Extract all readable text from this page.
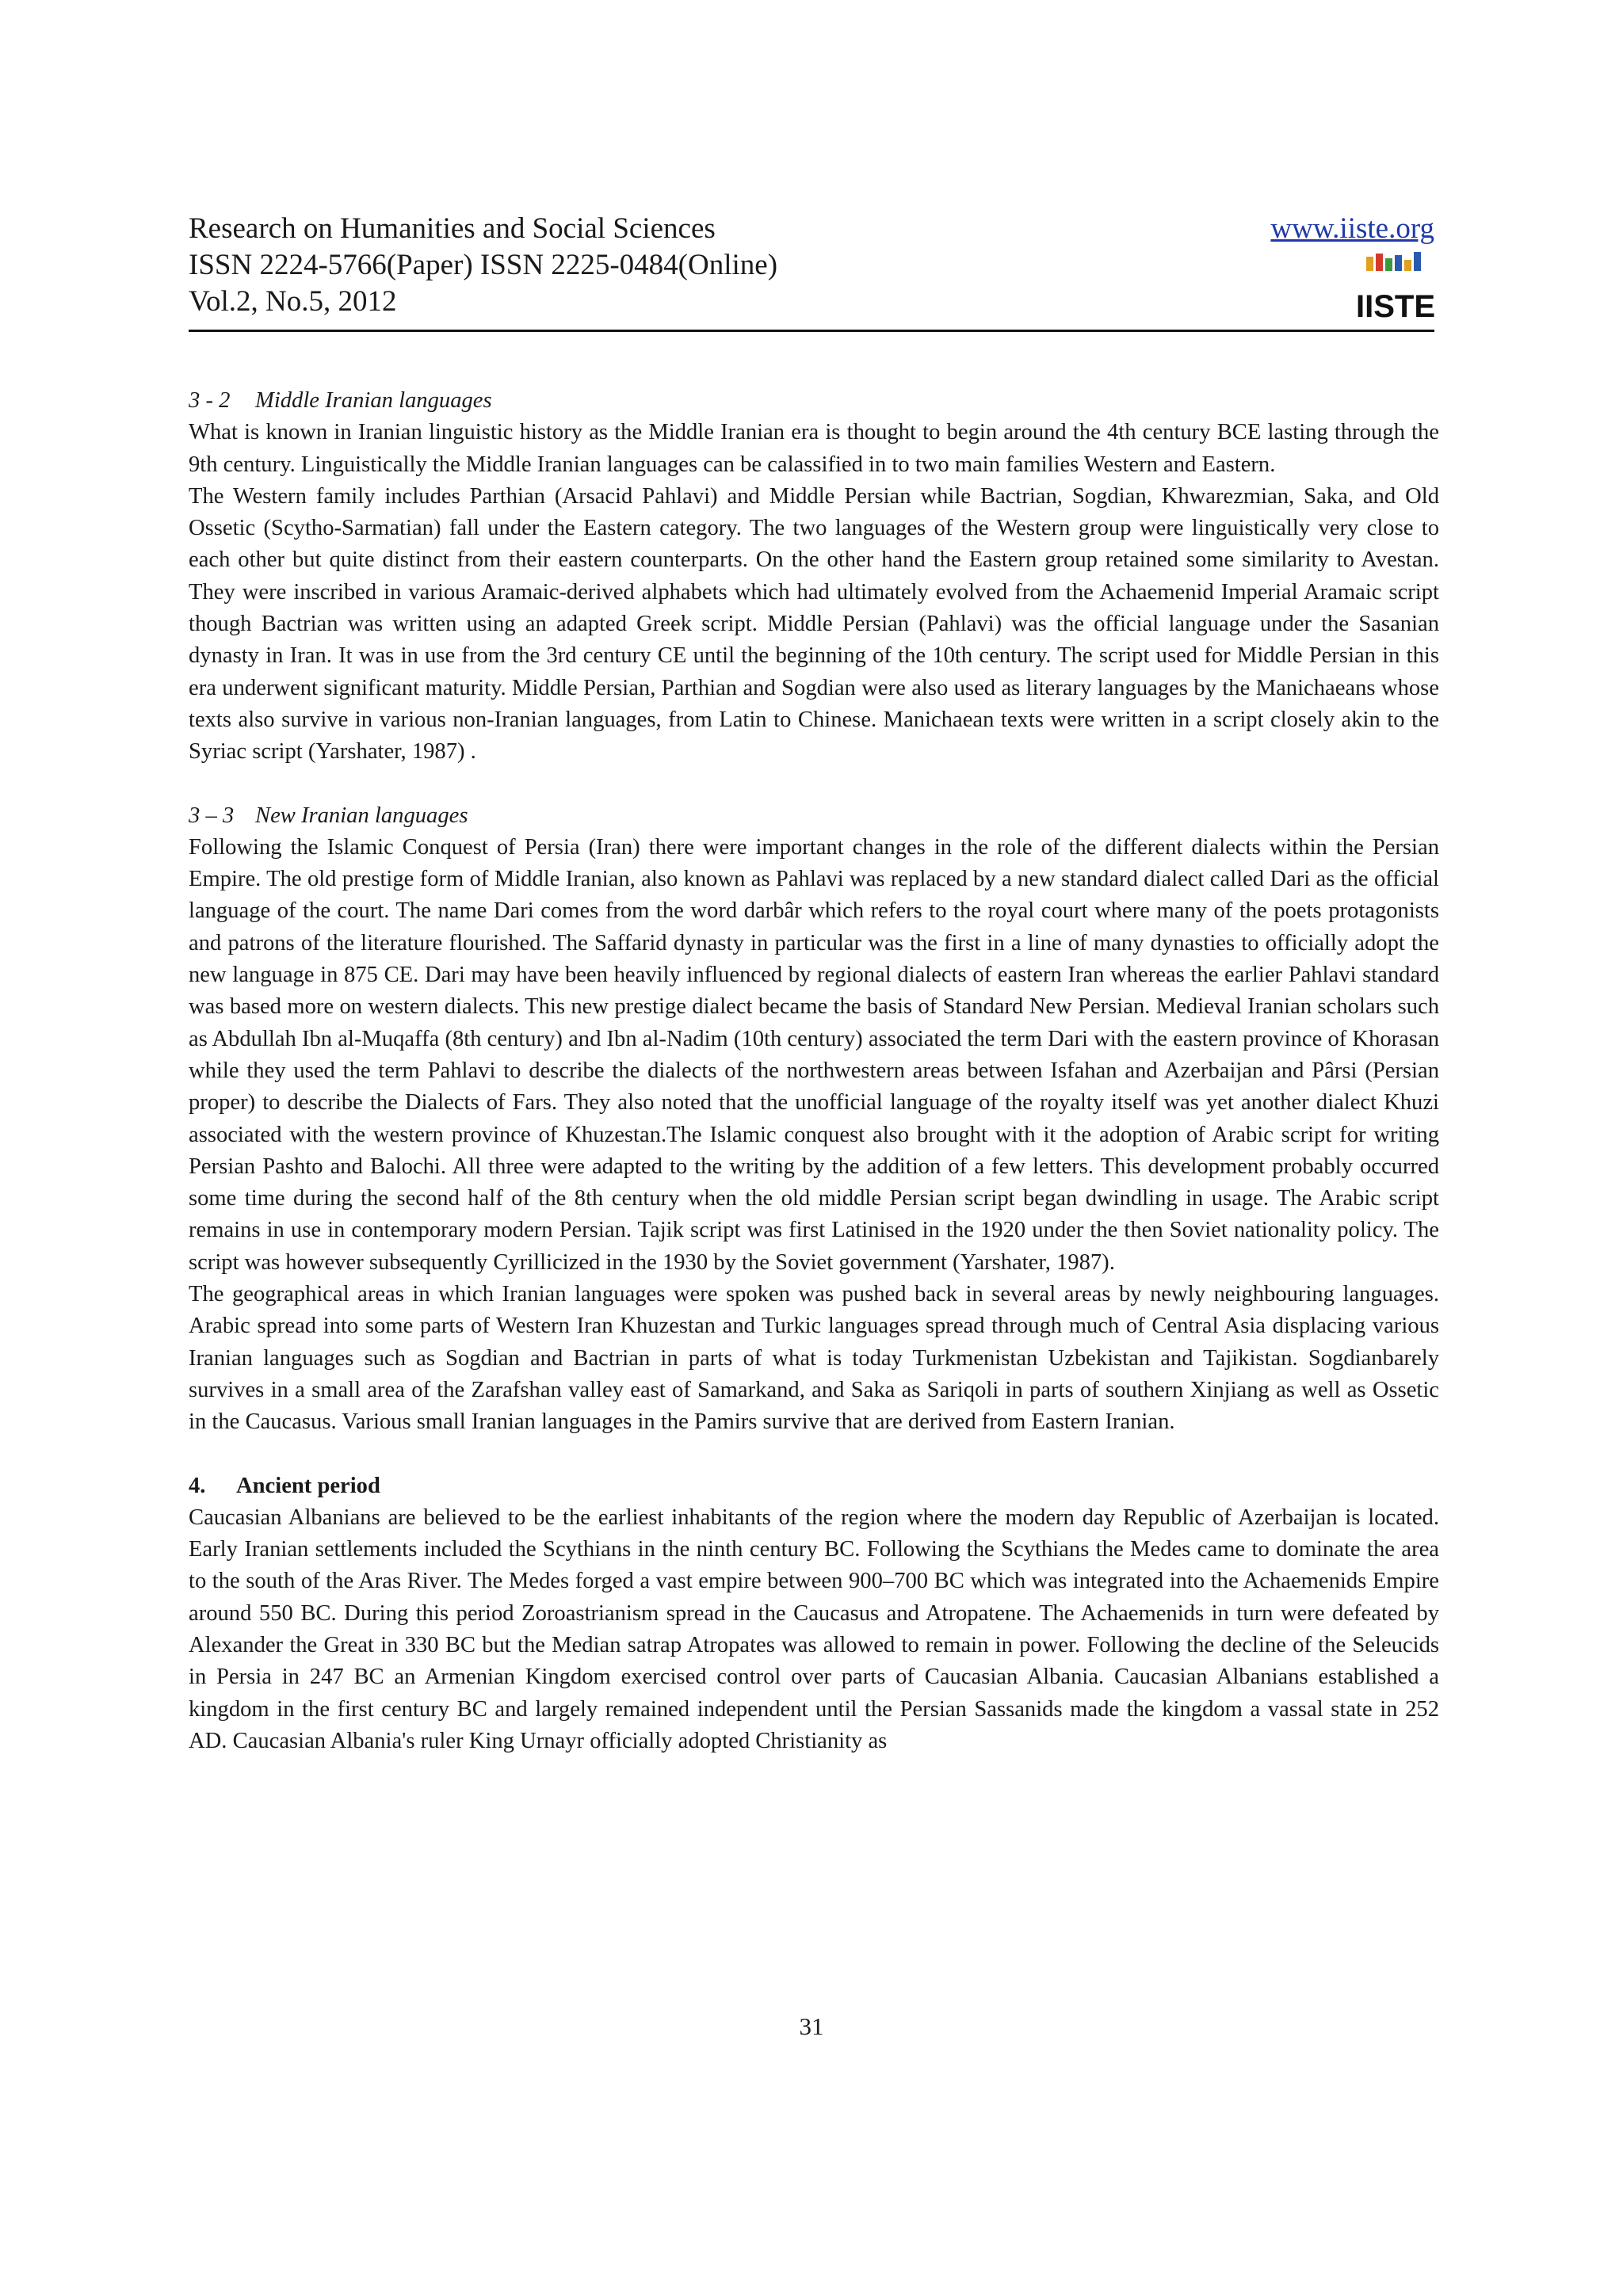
Research on Humanities and Social Sciences

ISSN 2224-5766(Paper) ISSN 2225-0484(Online)

Vol.2, No.5, 2012

www.iiste.org
IISTE

3 - 2 Middle Iranian languages

What is known in Iranian linguistic history as the Middle Iranian era is thought to begin around the 4th century BCE lasting through the 9th century. Linguistically the Middle Iranian languages can be calassified in to two main families Western and Eastern.

The Western family includes Parthian (Arsacid Pahlavi) and Middle Persian while Bactrian, Sogdian, Khwarezmian, Saka, and Old Ossetic (Scytho-Sarmatian) fall under the Eastern category. The two languages of the Western group were linguistically very close to each other but quite distinct from their eastern counterparts. On the other hand the Eastern group retained some similarity to Avestan. They were inscribed in various Aramaic-derived alphabets which had ultimately evolved from the Achaemenid Imperial Aramaic script though Bactrian was written using an adapted Greek script. Middle Persian (Pahlavi) was the official language under the Sasanian dynasty in Iran. It was in use from the 3rd century CE until the beginning of the 10th century. The script used for Middle Persian in this era underwent significant maturity. Middle Persian, Parthian and Sogdian were also used as literary languages by the Manichaeans whose texts also survive in various non-Iranian languages, from Latin to Chinese. Manichaean texts were written in a script closely akin to the Syriac script (Yarshater, 1987) .

3 – 3 New Iranian languages

Following the Islamic Conquest of Persia (Iran) there were important changes in the role of the different dialects within the Persian Empire. The old prestige form of Middle Iranian, also known as Pahlavi was replaced by a new standard dialect called Dari as the official language of the court. The name Dari comes from the word darbâr which refers to the royal court where many of the poets protagonists and patrons of the literature flourished. The Saffarid dynasty in particular was the first in a line of many dynasties to officially adopt the new language in 875 CE. Dari may have been heavily influenced by regional dialects of eastern Iran whereas the earlier Pahlavi standard was based more on western dialects. This new prestige dialect became the basis of Standard New Persian. Medieval Iranian scholars such as Abdullah Ibn al-Muqaffa (8th century) and Ibn al-Nadim (10th century) associated the term Dari with the eastern province of Khorasan while they used the term Pahlavi to describe the dialects of the northwestern areas between Isfahan and Azerbaijan and Pârsi (Persian proper) to describe the Dialects of Fars. They also noted that the unofficial language of the royalty itself was yet another dialect Khuzi associated with the western province of Khuzestan.The Islamic conquest also brought with it the adoption of Arabic script for writing Persian Pashto and Balochi. All three were adapted to the writing by the addition of a few letters. This development probably occurred some time during the second half of the 8th century when the old middle Persian script began dwindling in usage. The Arabic script remains in use in contemporary modern Persian. Tajik script was first Latinised in the 1920 under the then Soviet nationality policy. The script was however subsequently Cyrillicized in the 1930 by the Soviet government (Yarshater, 1987).

The geographical areas in which Iranian languages were spoken was pushed back in several areas by newly neighbouring languages. Arabic spread into some parts of Western Iran Khuzestan and Turkic languages spread through much of Central Asia displacing various Iranian languages such as Sogdian and Bactrian in parts of what is today Turkmenistan Uzbekistan and Tajikistan. Sogdianbarely survives in a small area of the Zarafshan valley east of Samarkand, and Saka as Sariqoli in parts of southern Xinjiang as well as Ossetic in the Caucasus. Various small Iranian languages in the Pamirs survive that are derived from Eastern Iranian.

4. Ancient period

Caucasian Albanians are believed to be the earliest inhabitants of the region where the modern day Republic of Azerbaijan is located. Early Iranian settlements included the Scythians in the ninth century BC. Following the Scythians the Medes came to dominate the area to the south of the Aras River. The Medes forged a vast empire between 900–700 BC which was integrated into the Achaemenids Empire around 550 BC. During this period Zoroastrianism spread in the Caucasus and Atropatene. The Achaemenids in turn were defeated by Alexander the Great in 330 BC but the Median satrap Atropates was allowed to remain in power. Following the decline of the Seleucids in Persia in 247 BC an Armenian Kingdom exercised control over parts of Caucasian Albania. Caucasian Albanians established a kingdom in the first century BC and largely remained independent until the Persian Sassanids made the kingdom a vassal state in 252 AD. Caucasian Albania's ruler King Urnayr officially adopted Christianity as

31
